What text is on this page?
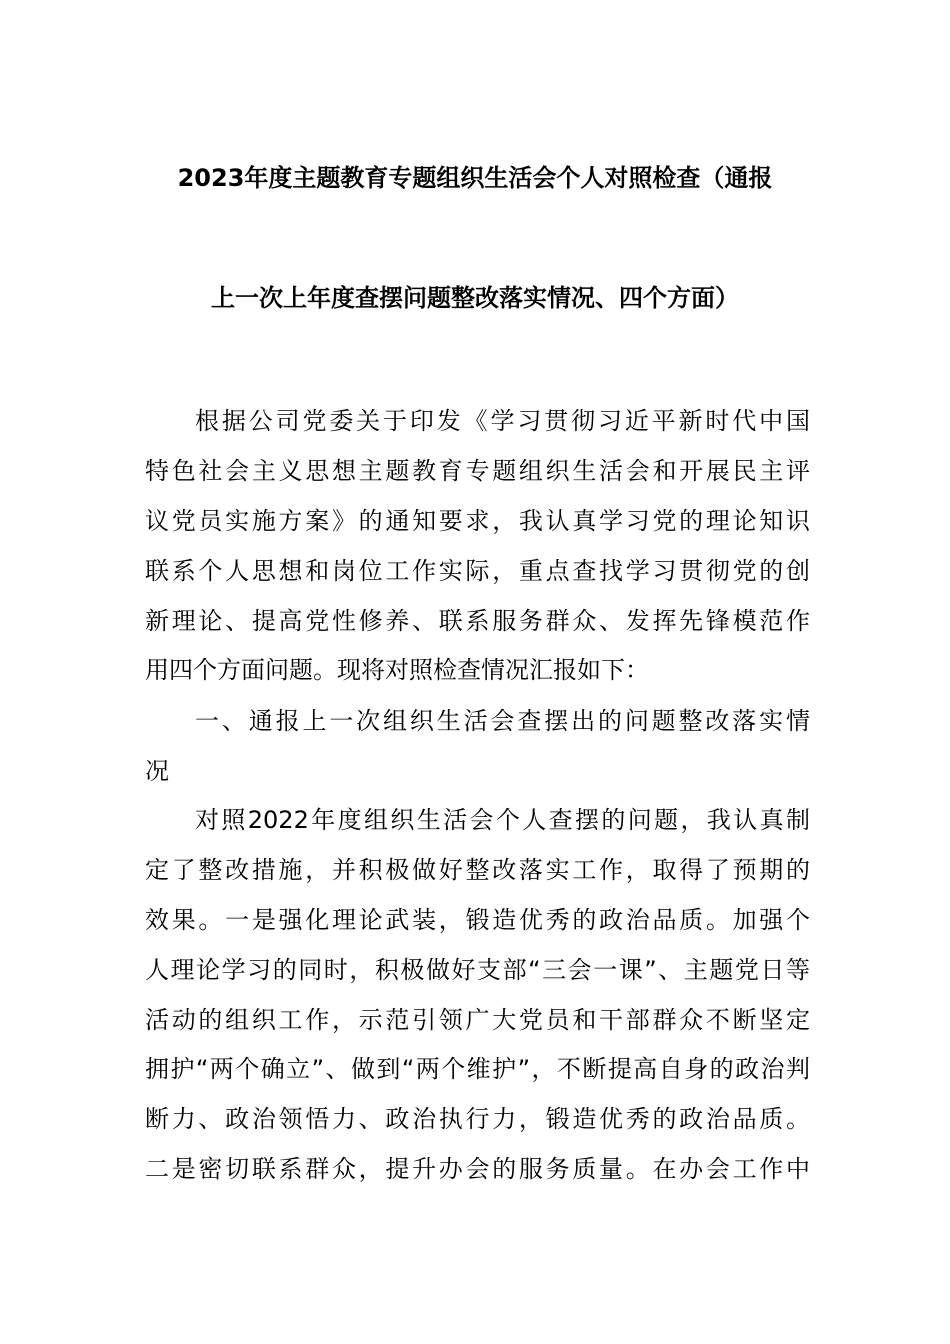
2023年度主题教育专题组织生活会个人对照检查（通报
上一次上年度查摆问题整改落实情况、四个方面）
根据公司党委关于印发《学习贯彻习近平新时代中国
特色社会主义思想主题教育专题组织生活会和开展民主评
议党员实施方案》的通知要求，我认真学习党的理论知识
联系个人思想和岗位工作实际，重点查找学习贯彻党的创
新理论、提高党性修养、联系服务群众、发挥先锋模范作
用四个方面问题。现将对照检查情况汇报如下：
一、通报上一次组织生活会查摆出的问题整改落实情
况
对照2022年度组织生活会个人查摆的问题，我认真制
定了整改措施，并积极做好整改落实工作，取得了预期的
效果。一是强化理论武装，锻造优秀的政治品质。加强个
人理论学习的同时，积极做好支部“三会一课”、主题党日等
活动的组织工作，示范引领广大党员和干部群众不断坚定
拥护“两个确立”、做到“两个维护”，不断提高自身的政治判
断力、政治领悟力、政治执行力，锻造优秀的政治品质。
二是密切联系群众，提升办会的服务质量。在办会工作中
